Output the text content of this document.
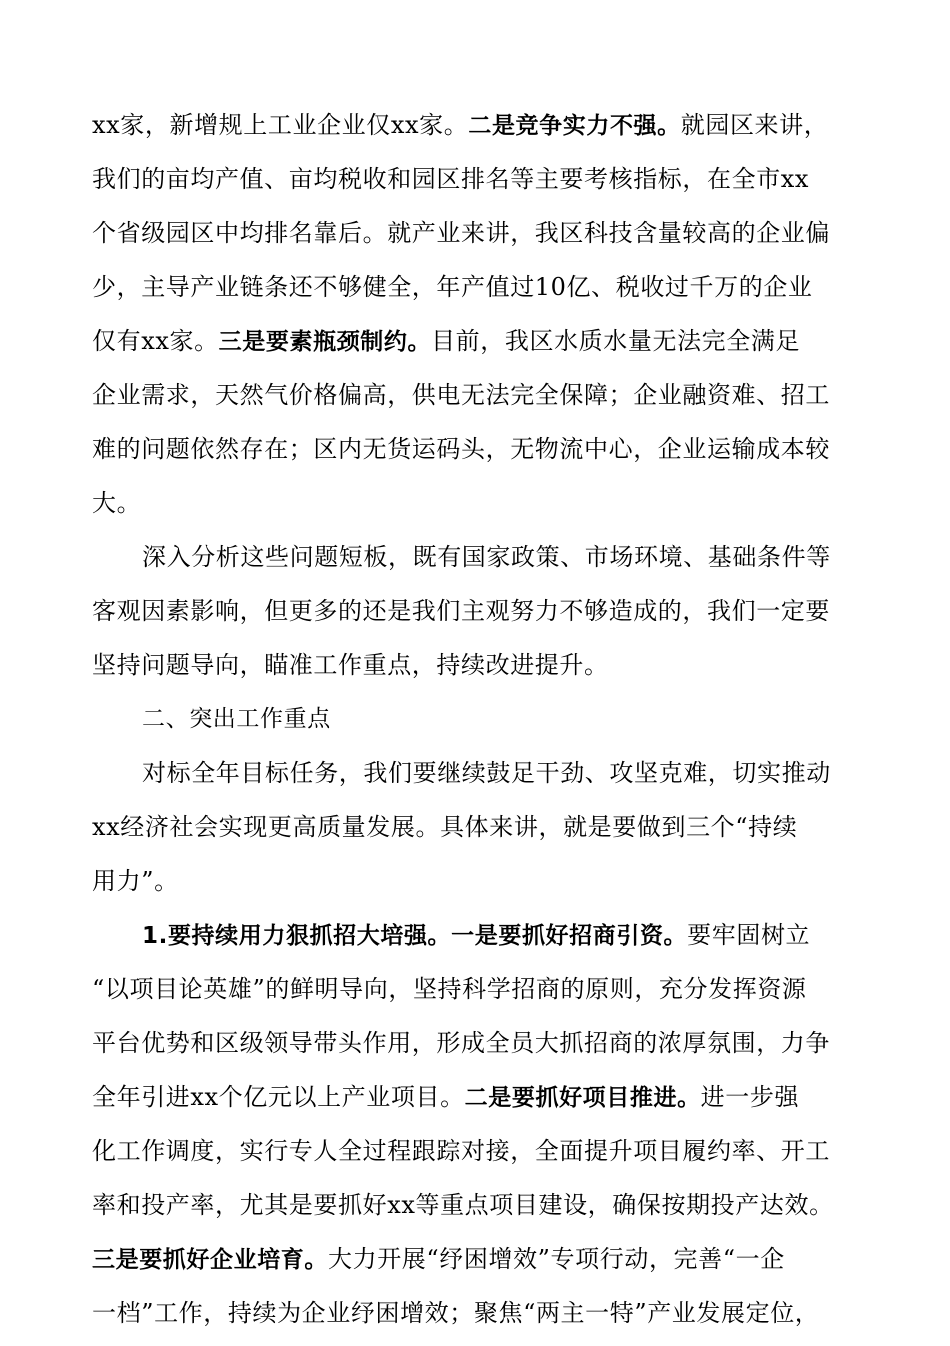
xx家，新增规上工业企业仅xx家。二是竞争实力不强。就园区来讲，
我们的亩均产值、亩均税收和园区排名等主要考核指标，在全市xx
个省级园区中均排名靠后。就产业来讲，我区科技含量较高的企业偏
少，主导产业链条还不够健全，年产值过10亿、税收过千万的企业
仅有xx家。三是要素瓶颈制约。目前，我区水质水量无法完全满足
企业需求，天然气价格偏高，供电无法完全保障；企业融资难、招工
难的问题依然存在；区内无货运码头，无物流中心，企业运输成本较
大。
深入分析这些问题短板，既有国家政策、市场环境、基础条件等
客观因素影响，但更多的还是我们主观努力不够造成的，我们一定要
坚持问题导向，瞄准工作重点，持续改进提升。
二、突出工作重点
对标全年目标任务，我们要继续鼓足干劲、攻坚克难，切实推动
xx经济社会实现更高质量发展。具体来讲，就是要做到三个“持续
用力”。
1.要持续用力狠抓招大培强。一是要抓好招商引资。要牢固树立
“以项目论英雄”的鲜明导向，坚持科学招商的原则，充分发挥资源
平台优势和区级领导带头作用，形成全员大抓招商的浓厚氛围，力争
全年引进xx个亿元以上产业项目。二是要抓好项目推进。进一步强
化工作调度，实行专人全过程跟踪对接，全面提升项目履约率、开工
率和投产率，尤其是要抓好xx等重点项目建设，确保按期投产达效。
三是要抓好企业培育。大力开展“纾困增效”专项行动，完善“一企
一档”工作，持续为企业纾困增效；聚焦“两主一特”产业发展定位，
